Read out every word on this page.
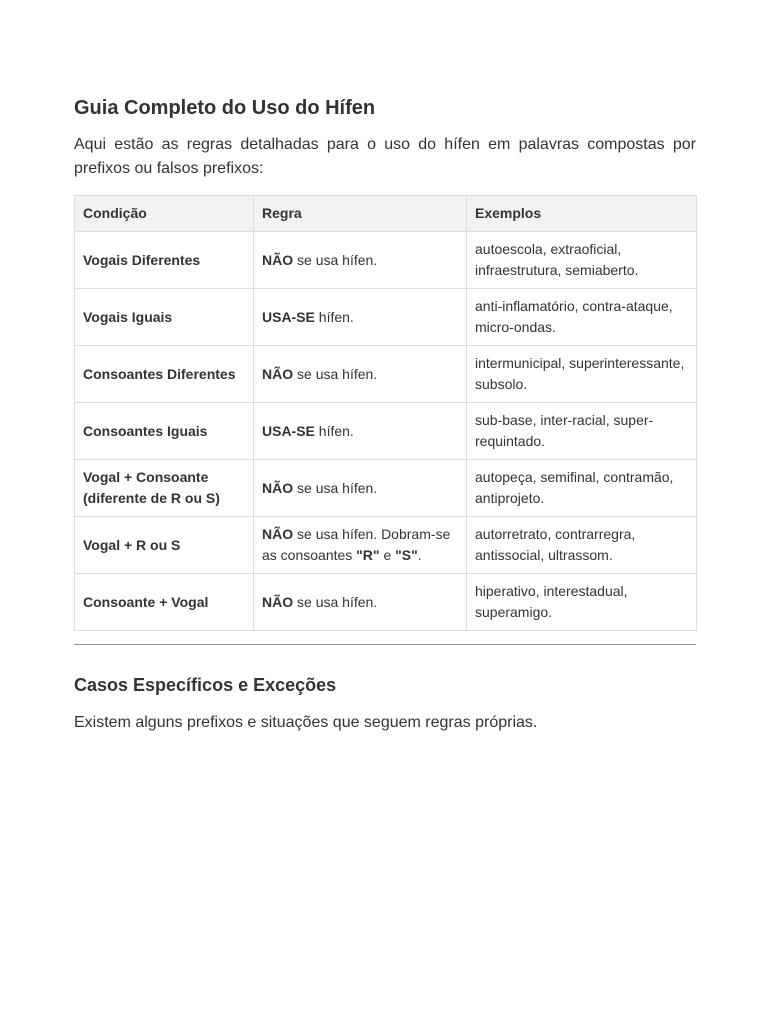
Guia Completo do Uso do Hífen

Aqui estão as regras detalhadas para o uso do hífen em palavras compostas por prefixos ou falsos prefixos:

Condição	Regra	Exemplos
Vogais Diferentes	NÃO se usa hífen.	autoescola, extraoficial, infraestrutura, semiaberto.
Vogais Iguais	USA-SE hífen.	anti-inflamatório, contra-ataque, micro-ondas.
Consoantes Diferentes	NÃO se usa hífen.	intermunicipal, superinteressante, subsolo.
Consoantes Iguais	USA-SE hífen.	sub-base, inter-racial, super-requintado.
Vogal + Consoante (diferente de R ou S)	NÃO se usa hífen.	autopeça, semifinal, contramão, antiprojeto.
Vogal + R ou S	NÃO se usa hífen. Dobram-se as consoantes "R" e "S".	autorretrato, contrarregra, antissocial, ultrassom.
Consoante + Vogal	NÃO se usa hífen.	hiperativo, interestadual, superamigo.
Casos Específicos e Exceções

Existem alguns prefixos e situações que seguem regras próprias.
